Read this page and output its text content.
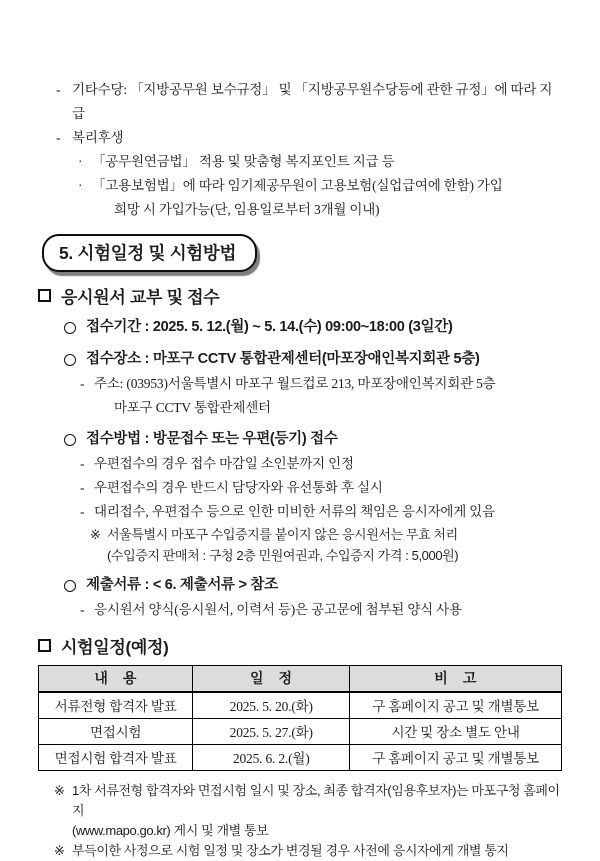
- 기타수당: 「지방공무원 보수규정」 및 「지방공무원수당등에 관한 규정」에 따라 지급
- 복리후생
· 「공무원연금법」 적용 및 맞춤형 복지포인트 지급 등
· 「고용보험법」에 따라 임기제공무원이 고용보험(실업급여에 한함) 가입
희망 시 가입가능(단, 임용일로부터 3개월 이내)
5. 시험일정 및 시험방법
응시원서 교부 및 접수
접수기간 : 2025. 5. 12.(월) ~ 5. 14.(수) 09:00~18:00 (3일간)
접수장소 : 마포구 CCTV 통합관제센터(마포장애인복지회관 5층)
- 주소: (03953)서울특별시 마포구 월드컵로 213, 마포장애인복지회관 5층
마포구 CCTV 통합관제센터
접수방법 : 방문접수 또는 우편(등기) 접수
- 우편접수의 경우 접수 마감일 소인분까지 인정
- 우편접수의 경우 반드시 담당자와 유선통화 후 실시
- 대리접수, 우편접수 등으로 인한 미비한 서류의 책임은 응시자에게 있음
※ 서울특별시 마포구 수입증지를 붙이지 않은 응시원서는 무효 처리
(수입증지 판매처 : 구청 2층 민원여권과, 수입증지 가격 : 5,000원)
제출서류 : < 6. 제출서류 > 참조
- 응시원서 양식(응시원서, 이력서 등)은 공고문에 첨부된 양식 사용
시험일정(예정)
내　용	일　정	비　고
서류전형 합격자 발표	2025. 5. 20.(화)	구 홈페이지 공고 및 개별통보
면접시험	2025. 5. 27.(화)	시간 및 장소 별도 안내
면접시험 합격자 발표	2025. 6. 2.(월)	구 홈페이지 공고 및 개별통보
※ 1차 서류전형 합격자와 면접시험 일시 및 장소, 최종 합격자(임용후보자)는 마포구청 홈페이지
(www.mapo.go.kr) 게시 및 개별 통보
※ 부득이한 사정으로 시험 일정 및 장소가 변경될 경우 사전에 응시자에게 개별 통지
